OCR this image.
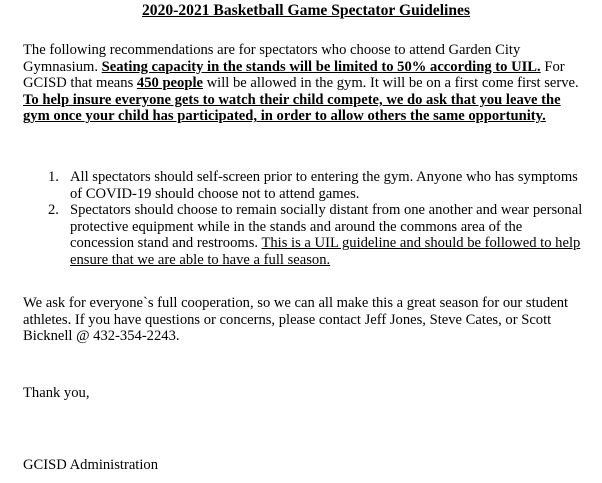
2020-2021 Basketball Game Spectator Guidelines
The following recommendations are for spectators who choose to attend Garden City Gymnasium. Seating capacity in the stands will be limited to 50% according to UIL. For GCISD that means 450 people will be allowed in the gym. It will be on a first come first serve. To help insure everyone gets to watch their child compete, we do ask that you leave the gym once your child has participated, in order to allow others the same opportunity.
1. All spectators should self-screen prior to entering the gym. Anyone who has symptoms of COVID-19 should choose not to attend games.
2. Spectators should choose to remain socially distant from one another and wear personal protective equipment while in the stands and around the commons area of the concession stand and restrooms. This is a UIL guideline and should be followed to help ensure that we are able to have a full season.
We ask for everyone`s full cooperation, so we can all make this a great season for our student athletes. If you have questions or concerns, please contact Jeff Jones, Steve Cates, or Scott Bicknell @ 432-354-2243.
Thank you,
GCISD Administration
